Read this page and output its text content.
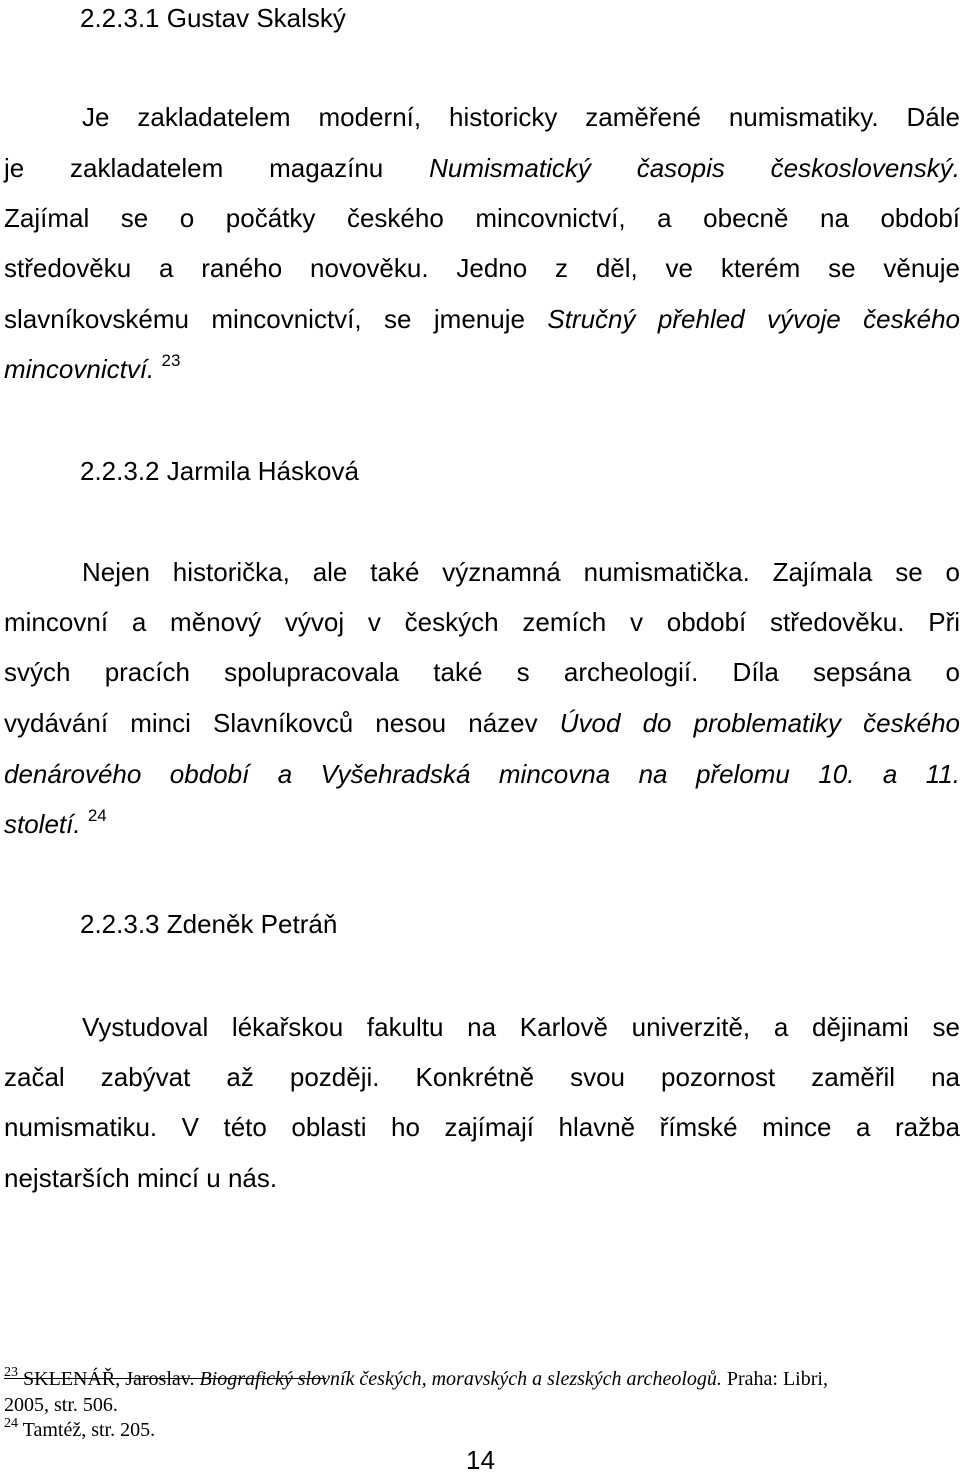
2.2.3.1 Gustav Skalský

Je zakladatelem moderní, historicky zaměřené numismatiky. Dále

je zakladatelem magazínu Numismatický časopis československý.

Zajímal se o počátky českého mincovnictví, a obecně na období

středověku a raného novověku. Jedno z děl, ve kterém se věnuje

slavníkovskému mincovnictví, se jmenuje Stručný přehled vývoje českého

mincovnictví. $^{23}$

2.2.3.2 Jarmila Hásková

Nejen historička, ale také významná numismatička. Zajímala se o

mincovní a měnový vývoj v českých zemích v období středověku. Při

svých pracích spolupracovala také s archeologií. Díla sepsána o

vydávání minci Slavníkovců nesou název Úvod do problematiky českého

denárového období a Vyšehradská mincovna na přelomu 10. a 11.

století. $^{24}$

2.2.3.3 Zdeněk Petráň

Vystudoval lékařskou fakultu na Karlově univerzitě, a dějinami se

začal zabývat až později. Konkrétně svou pozornost zaměřil na

numismatiku. V této oblasti ho zajímají hlavně římské mince a ražba

nejstarších mincí u nás.

$^{23}$ SKLENÁŘ, Jaroslav. Biografický slovník českých, moravských a slezských archeologů. Praha: Libri,

2005, str. 506.

$^{24}$ Tamtéž, str. 205.

14
